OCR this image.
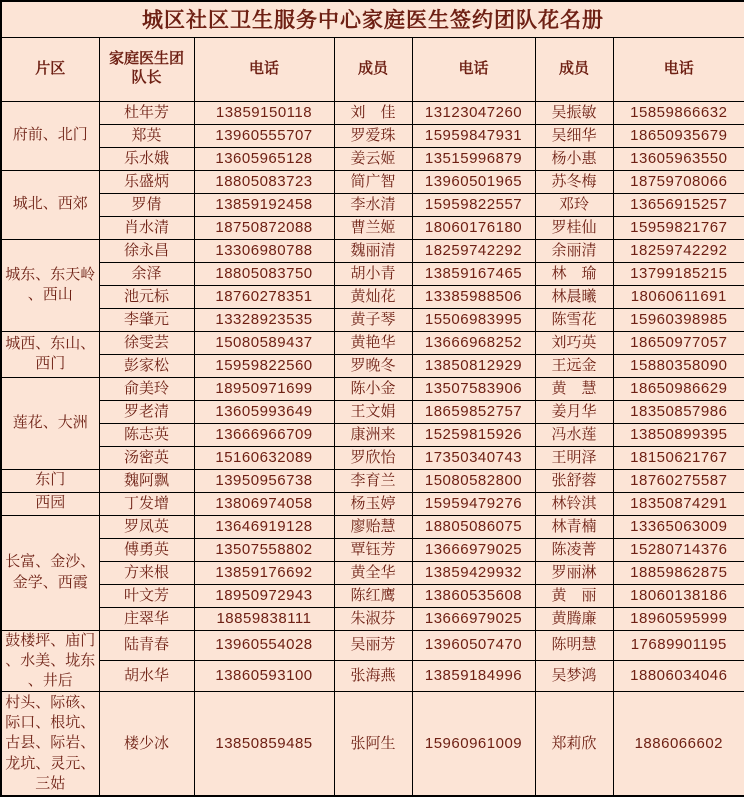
城区社区卫生服务中心家庭医生签约团队花名册						
片区	家庭医生团 队长	电话	成员	电话	成员	电话
府前、北门	杜年芳	13859150118	刘　佳	13123047260	吴振敏	15859866632
	郑英	13960555707	罗爱珠	15959847931	吴细华	18650935679
	乐水娥	13605965128	姜云姬	13515996879	杨小惠	13605963550
城北、西郊	乐盛炳	18805083723	简广智	13960501965	苏冬梅	18759708066
	罗倩	13859192458	李水清	15959822557	邓玲	13656915257
	肖水清	18750872088	曹兰姬	18060176180	罗桂仙	15959821767
城东、东天岭、西山	徐永昌	13306980788	魏丽清	18259742292	余丽清	18259742292
	余泽	18805083750	胡小青	13859167465	林　瑜	13799185215
	池元标	18760278351	黄灿花	13385988506	林晨曦	18060611691
	李肇元	13328923535	黄子琴	15506983995	陈雪花	15960398985
城西、东山、西门	徐雯芸	15080589437	黄艳华	13666968252	刘巧英	18650977057
	彭家松	15959822560	罗晚冬	13850812929	王远金	15880358090
莲花、大洲	俞美玲	18950971699	陈小金	13507583906	黄　慧	18650986629
	罗老清	13605993649	王文娟	18659852757	姜月华	18350857986
	陈志英	13666966709	康洲来	15259815926	冯水莲	13850899395
	汤密英	15160632089	罗欣怡	17350340743	王明泽	18150621767
东门	魏阿飘	13950956738	李育兰	15080582800	张舒蓉	18760275587
西园	丁发增	13806974058	杨玉婷	15959479276	林铃淇	18350874291
长富、金沙、金学、西霞	罗凤英	13646919128	廖贻慧	18805086075	林青楠	13365063009
	傅勇英	13507558802	覃钰芳	13666979025	陈凌菁	15280714376
	方来根	13859176692	黄全华	13859429932	罗丽淋	18859862875
	叶文芳	18950972943	陈红鹰	13860535608	黄　丽	18060138186
	庄翠华	18859838111	朱淑芬	13666979025	黄腾廉	18960595999
鼓楼坪、庙门、水美、垅东、井后	陆青春	13960554028	吴丽芳	13960507470	陈明慧	17689901195
	胡水华	13860593100	张海燕	13859184996	吴梦鸿	18806034046
村头、际硋、际口、根坑、古县、际岩、龙坑、灵元、三姑	楼少冰	13850859485	张阿生	15960961009	郑莉欣	1886066602
